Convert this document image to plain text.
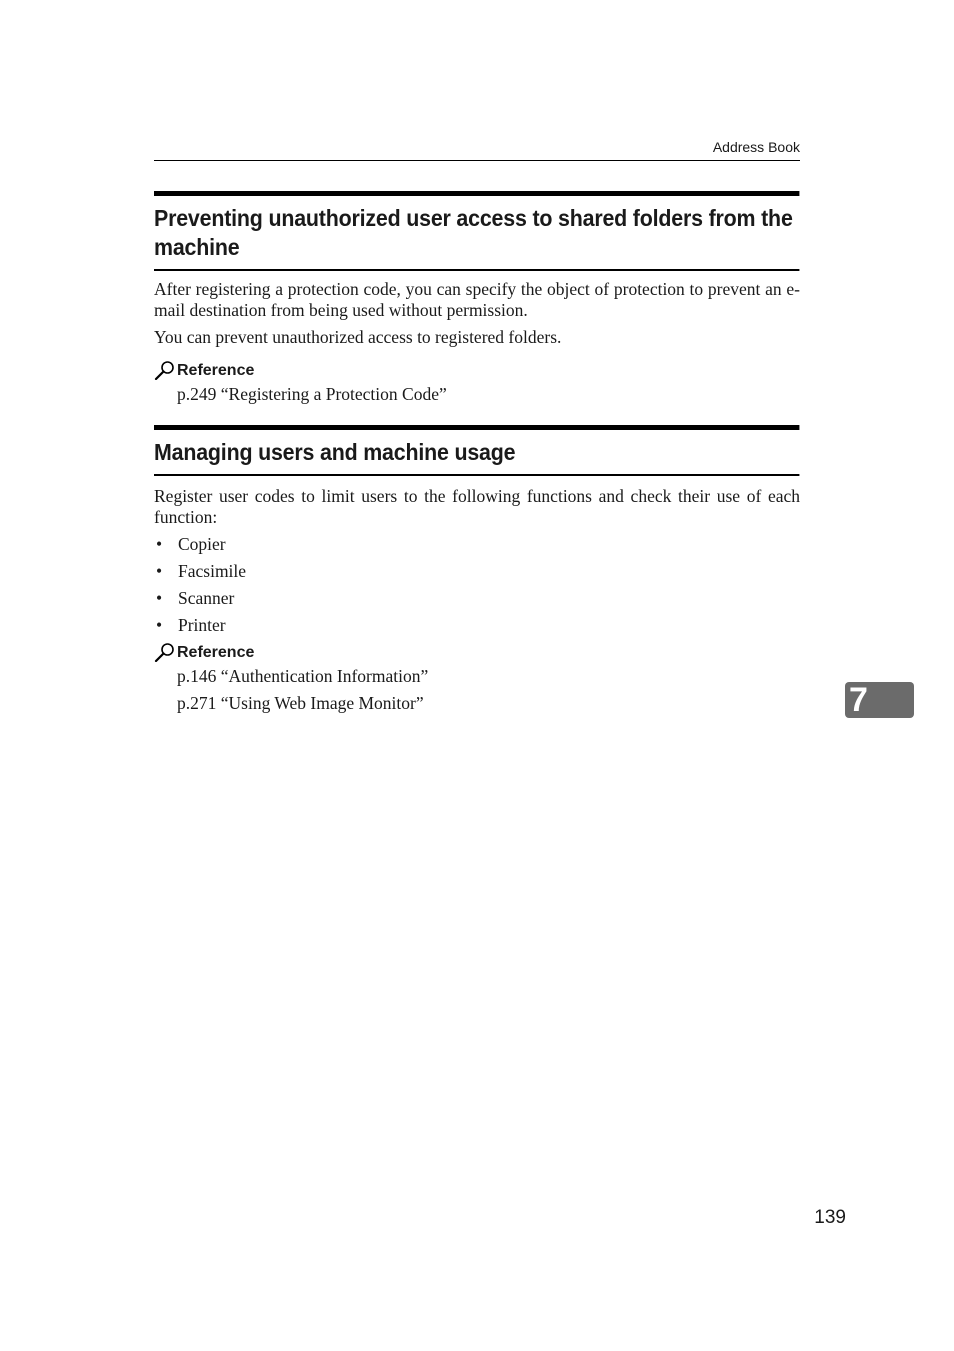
Address Book
Preventing unauthorized user access to shared folders from the machine

After registering a protection code, you can specify the object of protection to prevent an e-mail destination from being used without permission.

You can prevent unauthorized access to registered folders.

Reference
p.249 “Registering a Protection Code”
Managing users and machine usage

Register user codes to limit users to the following functions and check their use of each function:

• Copier
• Facsimile
• Scanner
• Printer
Reference
p.146 “Authentication Information”
p.271 “Using Web Image Monitor”	7
139
